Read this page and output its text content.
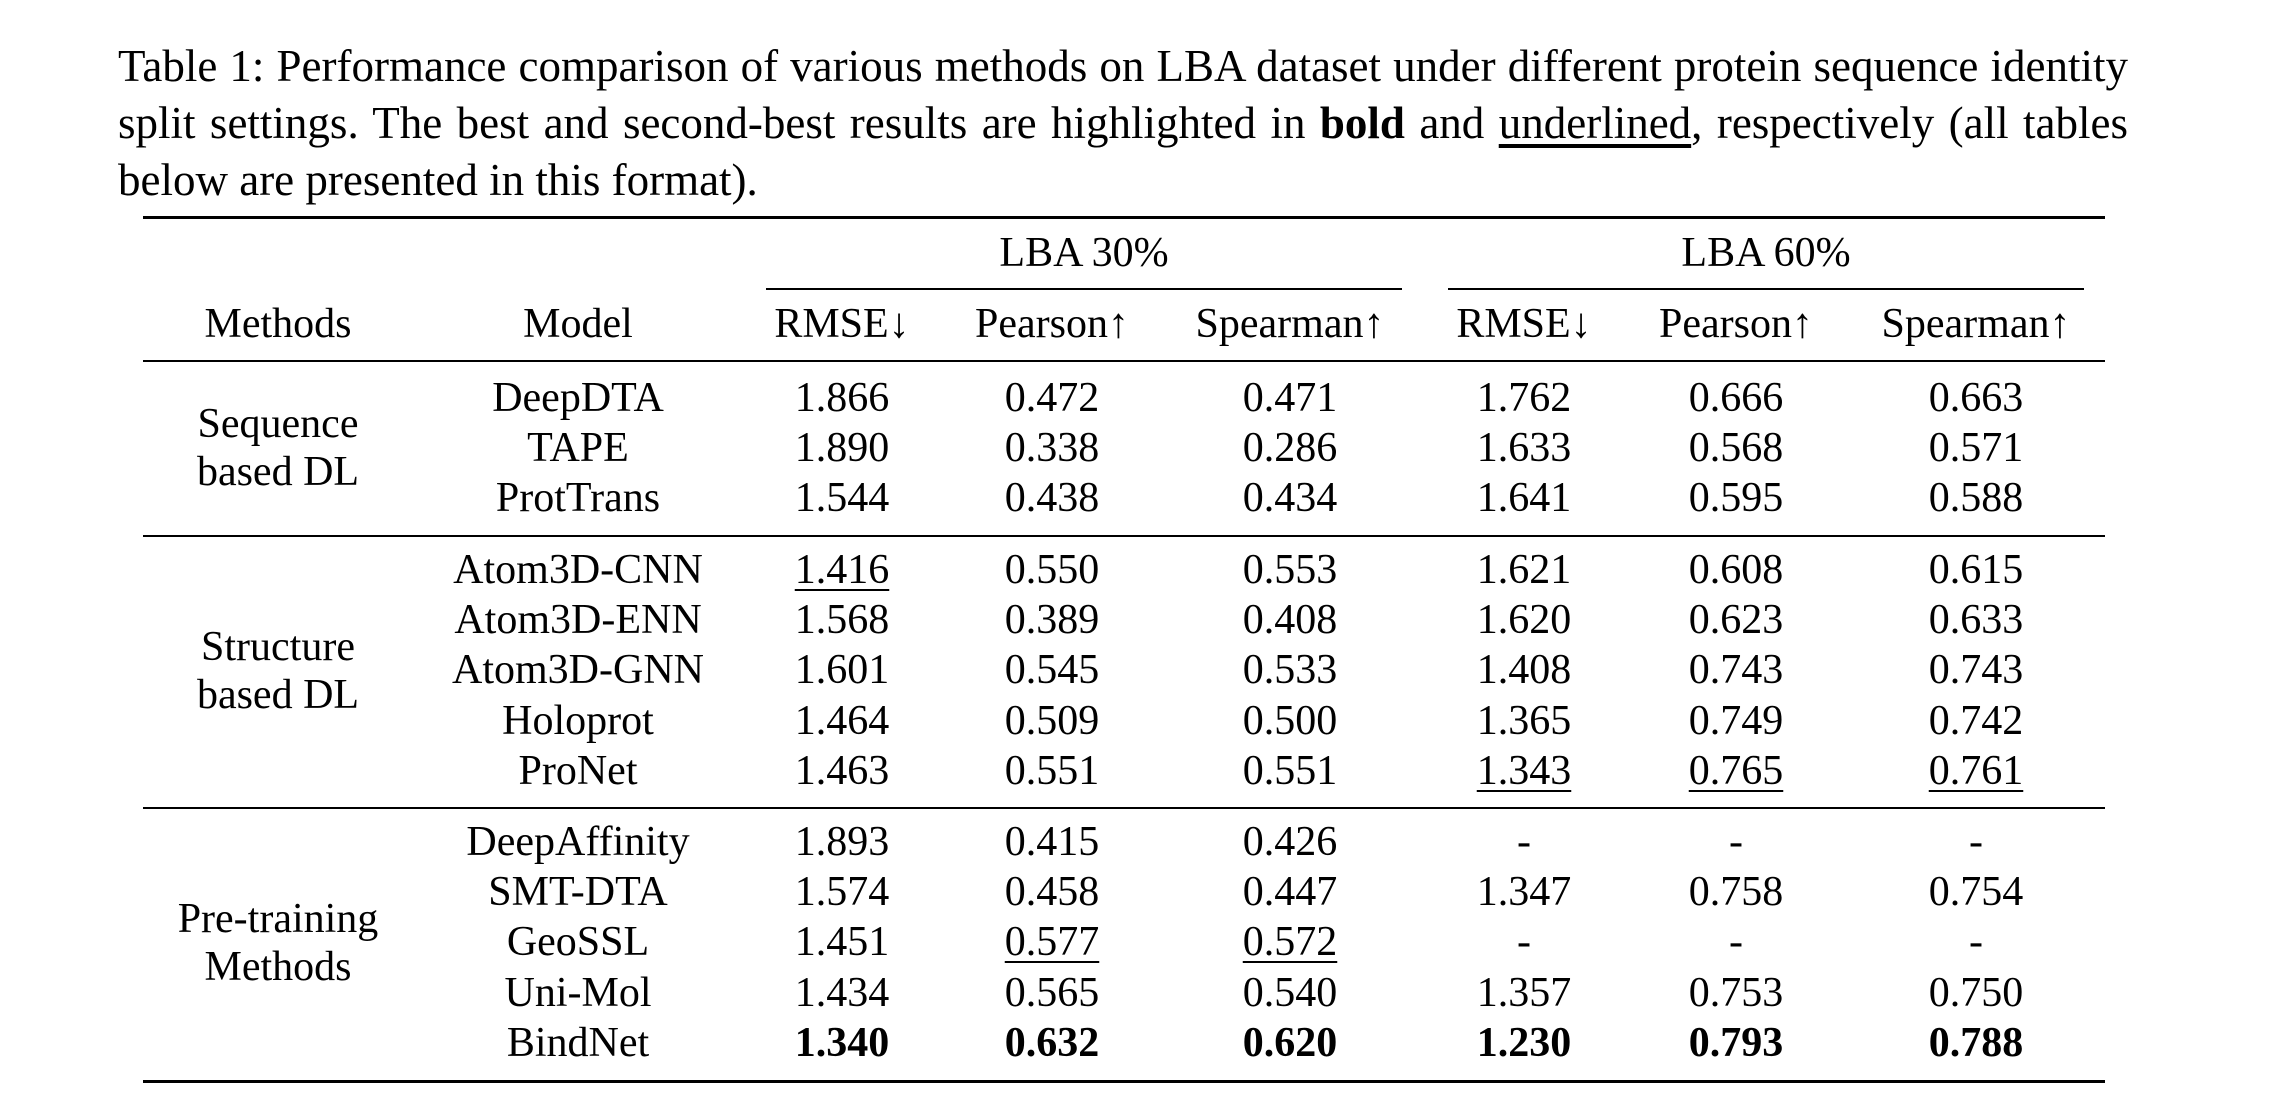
Table 1: Performance comparison of various methods on LBA dataset under different protein sequence identity split settings. The best and second-best results are highlighted in bold and underlined, respectively (all tables below are presented in this format).
LBA 30%	LBA 60%
Methods	Model	RMSE↓ Pearson↑ Spearman↑ RMSE↓ Pearson↑ Spearman↑
Sequence
based DL
DeepDTA	1.866	0.472	0.471	1.762	0.666	0.663
TAPE	1.890	0.338	0.286	1.633	0.568	0.571
ProtTrans	1.544	0.438	0.434	1.641	0.595	0.588
Structure
based DL
Atom3D-CNN 1.416	0.550	0.553	1.621	0.608	0.615
Atom3D-ENN 1.568	0.389	0.408	1.620	0.623	0.633
Atom3D-GNN 1.601	0.545	0.533	1.408	0.743	0.743
Holoprot	1.464	0.509	0.500	1.365	0.749	0.742
ProNet	1.463	0.551	0.551	1.343	0.765	0.761
Pre-training
Methods
DeepAffinity	1.893	0.415	0.426	-	-	-
SMT-DTA	1.574	0.458	0.447	1.347	0.758	0.754
GeoSSL	1.451	0.577	0.572	-	-	-
Uni-Mol	1.434	0.565	0.540	1.357	0.753	0.750
BindNet	1.340	0.632	0.620	1.230	0.793	0.788
